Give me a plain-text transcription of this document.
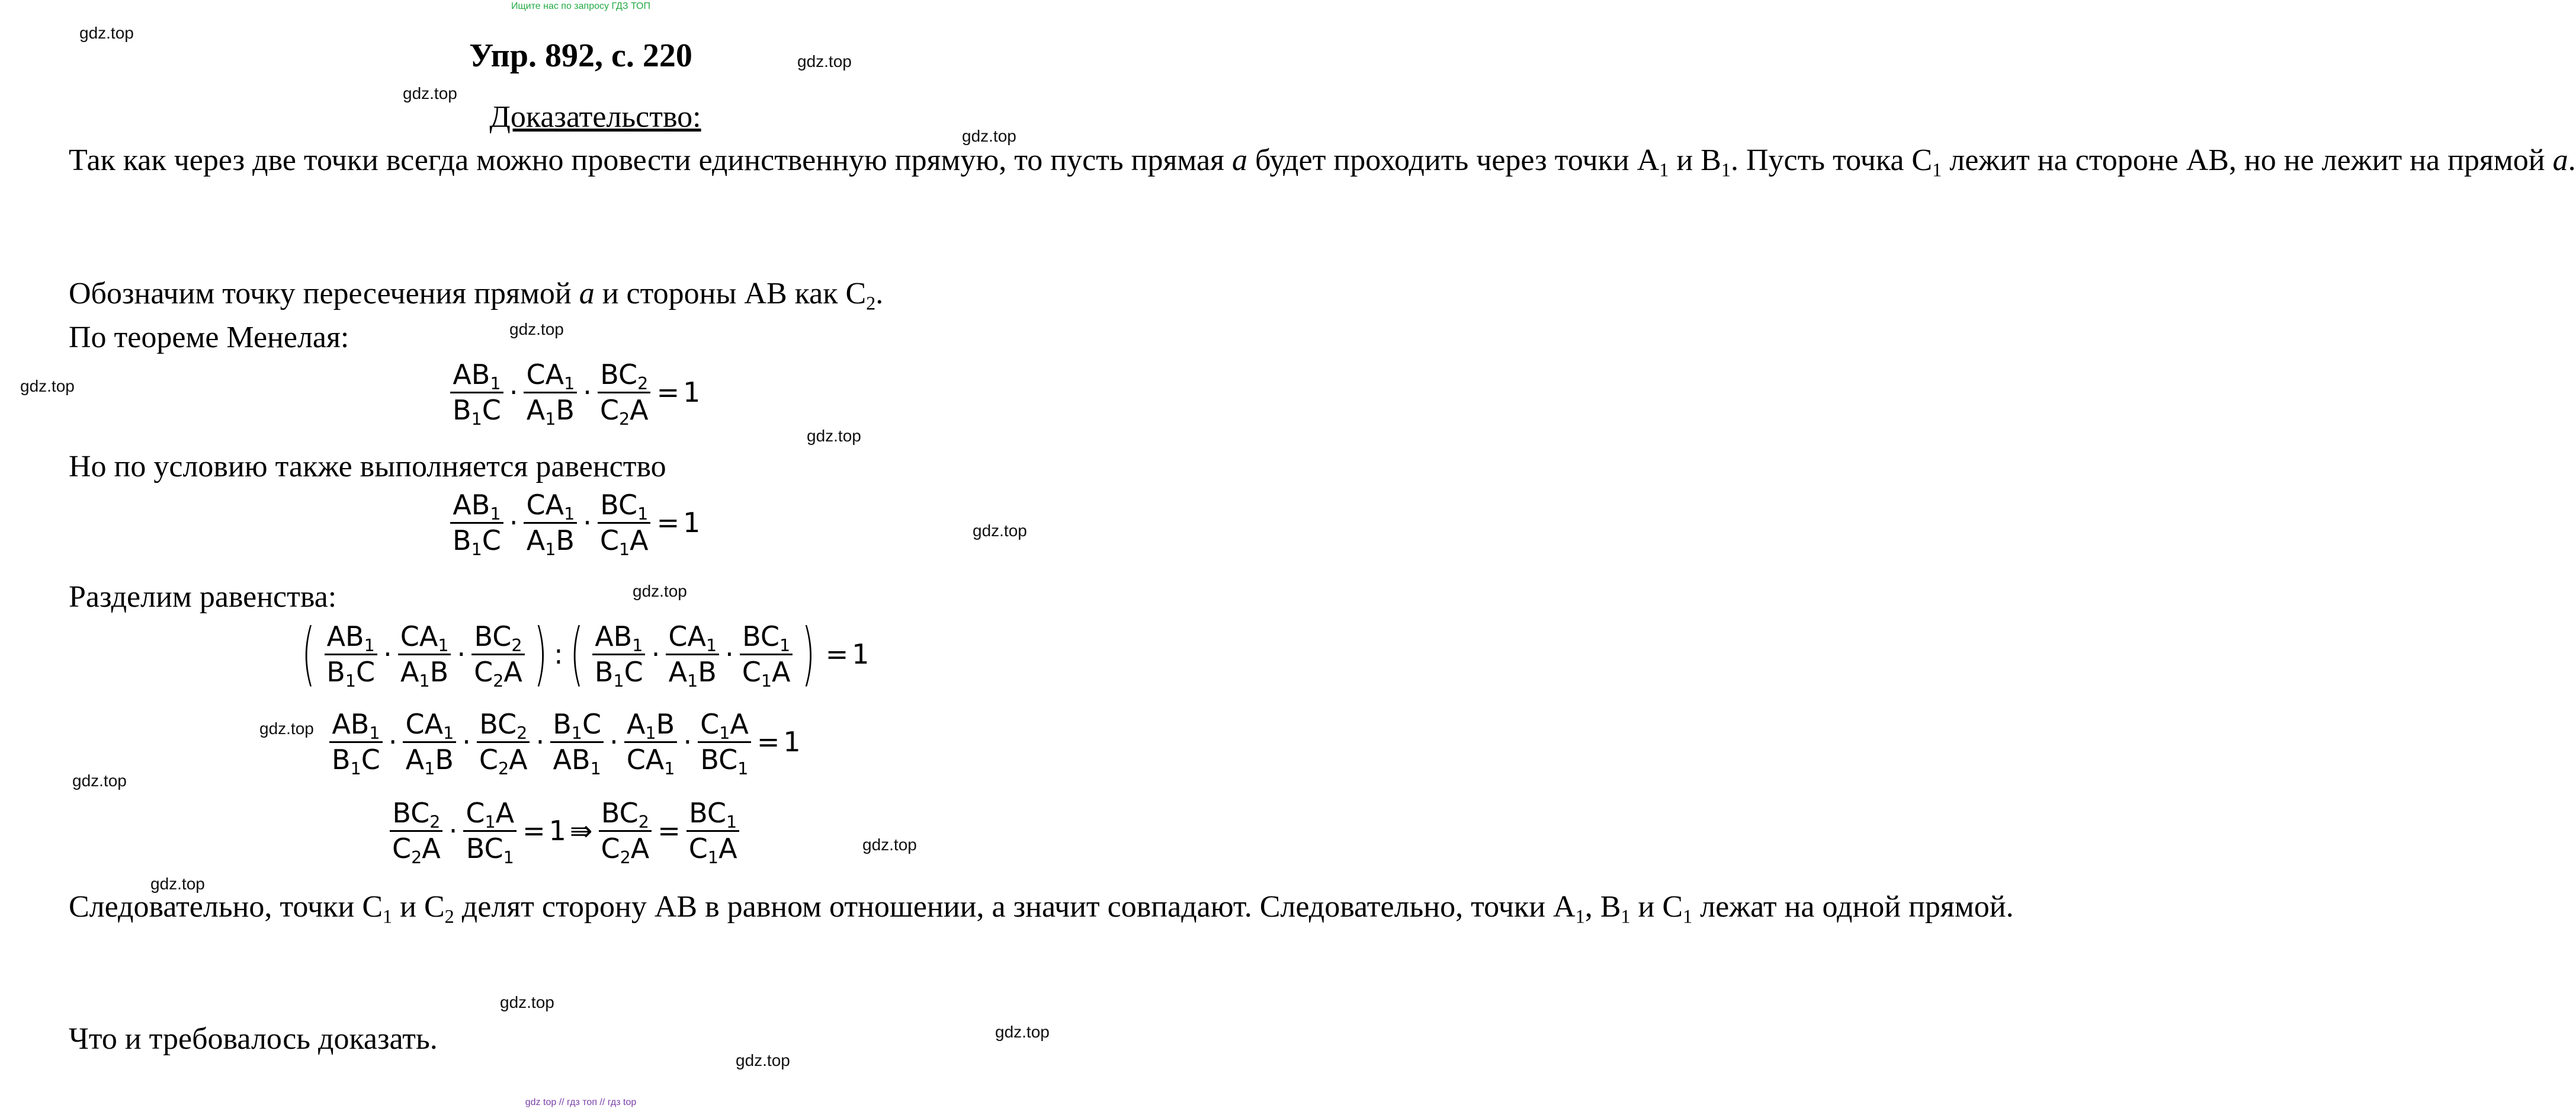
Ищите нас по запросу ГДЗ ТОП
Упр. 892, с. 220
Доказательство:
Так как через две точки всегда можно провести единственную прямую, то пусть прямая a будет проходить через точки $A_1$ и $B_1$. Пусть точка $C_1$ лежит на стороне AB, но не лежит на прямой a.
Обозначим точку пересечения прямой a и стороны AB как $C_2$.
По теореме Менелая:
$\frac{AB_1}{B_1C} \cdot \frac{CA_1}{A_1B} \cdot \frac{BC_2}{C_2A} = 1$
Но по условию также выполняется равенство
$\frac{AB_1}{B_1C} \cdot \frac{CA_1}{A_1B} \cdot \frac{BC_1}{C_1A} = 1$
Разделим равенства:
( $\frac{AB_1}{B_1C} \cdot \frac{CA_1}{A_1B} \cdot \frac{BC_2}{C_2A}$ ) : ( $\frac{AB_1}{B_1C} \cdot \frac{CA_1}{A_1B} \cdot \frac{BC_1}{C_1A}$ ) = 1
$\frac{AB_1}{B_1C} \cdot \frac{CA_1}{A_1B} \cdot \frac{BC_2}{C_2A} \cdot \frac{B_1C}{AB_1} \cdot \frac{A_1B}{CA_1} \cdot \frac{C_1A}{BC_1} = 1$
$\frac{BC_2}{C_2A} \cdot \frac{C_1A}{BC_1} = 1$ ⇛ $\frac{BC_2}{C_2A} = \frac{BC_1}{C_1A}$
Следовательно, точки $C_1$ и $C_2$ делят сторону AB в равном отношении, а значит совпадают. Следовательно, точки $A_1$, $B_1$ и $C_1$ лежат на одной прямой.
Что и требовалось доказать.
gdz.top
gdz.top
gdz.top
gdz.top
gdz.top
gdz.top
gdz.top
gdz.top
gdz.top
gdz.top
gdz.top
gdz.top
gdz.top
gdz.top
gdz.top
gdz.top
gdz top // гдз топ // гдз top
